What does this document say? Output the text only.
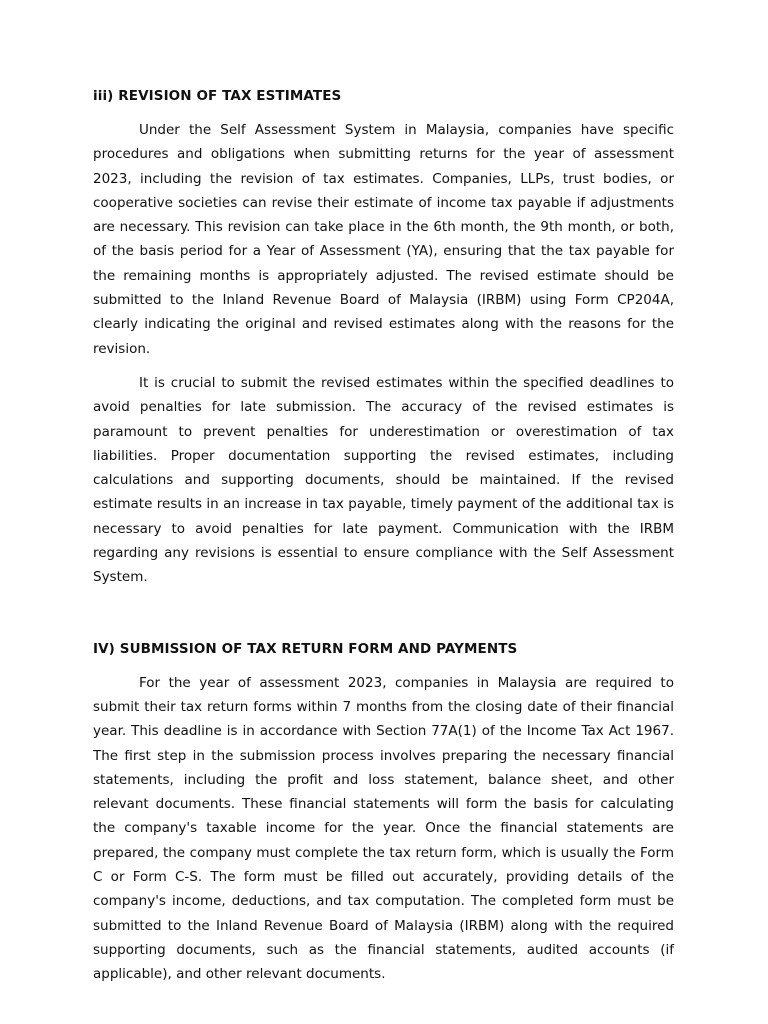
iii) REVISION OF TAX ESTIMATES

Under the Self Assessment System in Malaysia, companies have specific procedures and obligations when submitting returns for the year of assessment 2023, including the revision of tax estimates. Companies, LLPs, trust bodies, or cooperative societies can revise their estimate of income tax payable if adjustments are necessary. This revision can take place in the 6th month, the 9th month, or both, of the basis period for a Year of Assessment (YA), ensuring that the tax payable for the remaining months is appropriately adjusted. The revised estimate should be submitted to the Inland Revenue Board of Malaysia (IRBM) using Form CP204A, clearly indicating the original and revised estimates along with the reasons for the revision.

It is crucial to submit the revised estimates within the specified deadlines to avoid penalties for late submission. The accuracy of the revised estimates is paramount to prevent penalties for underestimation or overestimation of tax liabilities. Proper documentation supporting the revised estimates, including calculations and supporting documents, should be maintained. If the revised estimate results in an increase in tax payable, timely payment of the additional tax is necessary to avoid penalties for late payment. Communication with the IRBM regarding any revisions is essential to ensure compliance with the Self Assessment System.

IV) SUBMISSION OF TAX RETURN FORM AND PAYMENTS

For the year of assessment 2023, companies in Malaysia are required to submit their tax return forms within 7 months from the closing date of their financial year. This deadline is in accordance with Section 77A(1) of the Income Tax Act 1967. The first step in the submission process involves preparing the necessary financial statements, including the profit and loss statement, balance sheet, and other relevant documents. These financial statements will form the basis for calculating the company's taxable income for the year. Once the financial statements are prepared, the company must complete the tax return form, which is usually the Form C or Form C-S. The form must be filled out accurately, providing details of the company's income, deductions, and tax computation. The completed form must be submitted to the Inland Revenue Board of Malaysia (IRBM) along with the required supporting documents, such as the financial statements, audited accounts (if applicable), and other relevant documents.
